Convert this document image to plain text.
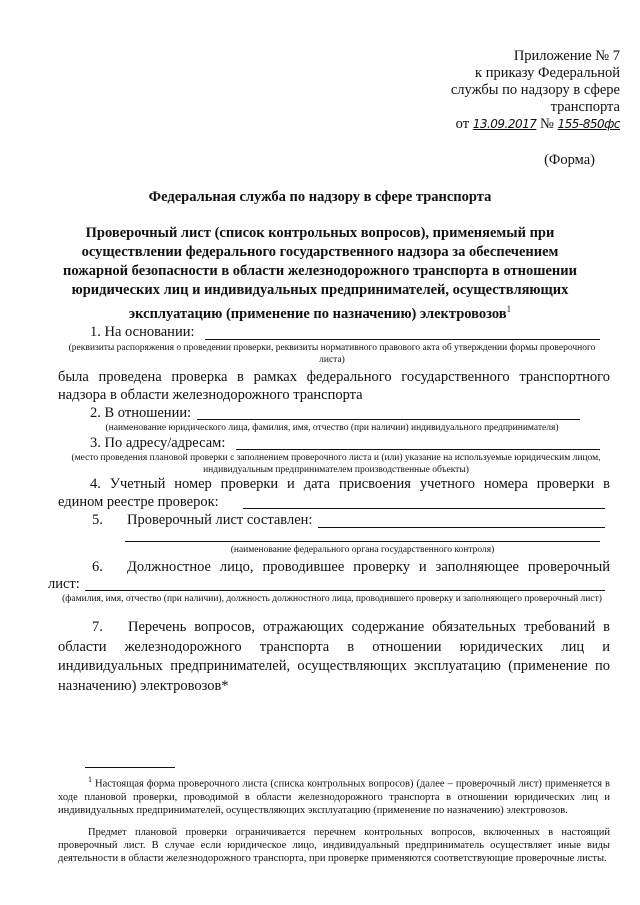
Приложение № 7
к приказу Федеральной
службы по надзору в сфере
транспорта
от 13.09.2017 № 155-850фс
(Форма)
Федеральная служба по надзору в сфере транспорта
Проверочный лист (список контрольных вопросов), применяемый при осуществлении федерального государственного надзора за обеспечением пожарной безопасности в области железнодорожного транспорта в отношении юридических лиц и индивидуальных предпринимателей, осуществляющих эксплуатацию (применение по назначению) электровозов$^1$
1. На основании:
(реквизиты распоряжения о проведении проверки, реквизиты нормативного правового акта об утверждении формы проверочного листа)
была проведена проверка в рамках федерального государственного транспортного надзора в области железнодорожного транспорта
2. В отношении:
(наименование юридического лица, фамилия, имя, отчество (при наличии) индивидуального предпринимателя)
3. По адресу/адресам:
(место проведения плановой проверки с заполнением проверочного листа и (или) указание на используемые юридическим лицом, индивидуальным предпринимателем производственные объекты)
4. Учетный номер проверки и дата присвоения учетного номера проверки в
едином реестре проверок:
5. Проверочный лист составлен:
(наименование федерального органа государственного контроля)
6. Должностное лицо, проводившее проверку и заполняющее проверочный
лист:
(фамилия, имя, отчество (при наличии), должность должностного лица, проводившего проверку и заполняющего проверочный лист)
7.	Перечень вопросов, отражающих содержание обязательных требований в области железнодорожного транспорта в отношении юридических лиц и индивидуальных предпринимателей, осуществляющих эксплуатацию (применение по назначению) электровозов*
$^1$ Настоящая форма проверочного листа (списка контрольных вопросов) (далее – проверочный лист) применяется в ходе плановой проверки, проводимой в области железнодорожного транспорта в отношении юридических лиц и индивидуальных предпринимателей, осуществляющих эксплуатацию (применение по назначению) электровозов.
Предмет плановой проверки ограничивается перечнем контрольных вопросов, включенных в настоящий проверочный лист. В случае если юридическое лицо, индивидуальный предприниматель осуществляет иные виды деятельности в области железнодорожного транспорта, при проверке применяются соответствующие проверочные листы.
